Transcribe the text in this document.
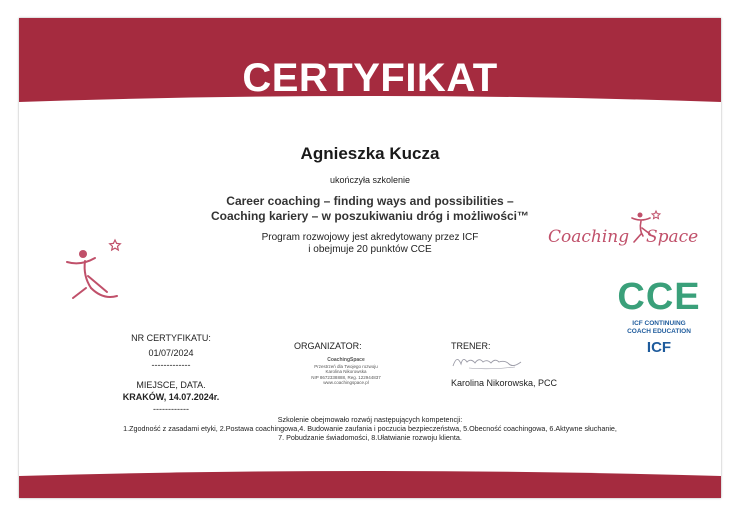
CERTYFIKAT
Agnieszka Kucza
ukończyła szkolenie
Career coaching – finding ways and possibilities –
Coaching kariery – w poszukiwaniu dróg i możliwości™
Program rozwojowy jest akredytowany przez ICF
i obejmuje 20 punktów CCE
Coaching Space
CCE
ICF CONTINUING
COACH EDUCATION
ICF
NR CERTYFIKATU:
01/07/2024
-------------
MIEJSCE, DATA.
KRAKÓW, 14.07.2024r.
------------
ORGANIZATOR:
CoachingSpace
Przestrzeń dla Twojego rozwoju
Karolina Nikorowska
NIP 8672338888, Reg. 122944837
www.coachingspace.pl
TRENER:
Karolina Nikorowska, PCC
Szkolenie obejmowało rozwój następujących kompetencji:
1.Zgodność z zasadami etyki, 2.Postawa coachingowa,4. Budowanie zaufania i poczucia bezpieczeństwa, 5.Obecność coachingowa, 6.Aktywne słuchanie,
7. Pobudzanie świadomości, 8.Ułatwianie rozwoju klienta.
